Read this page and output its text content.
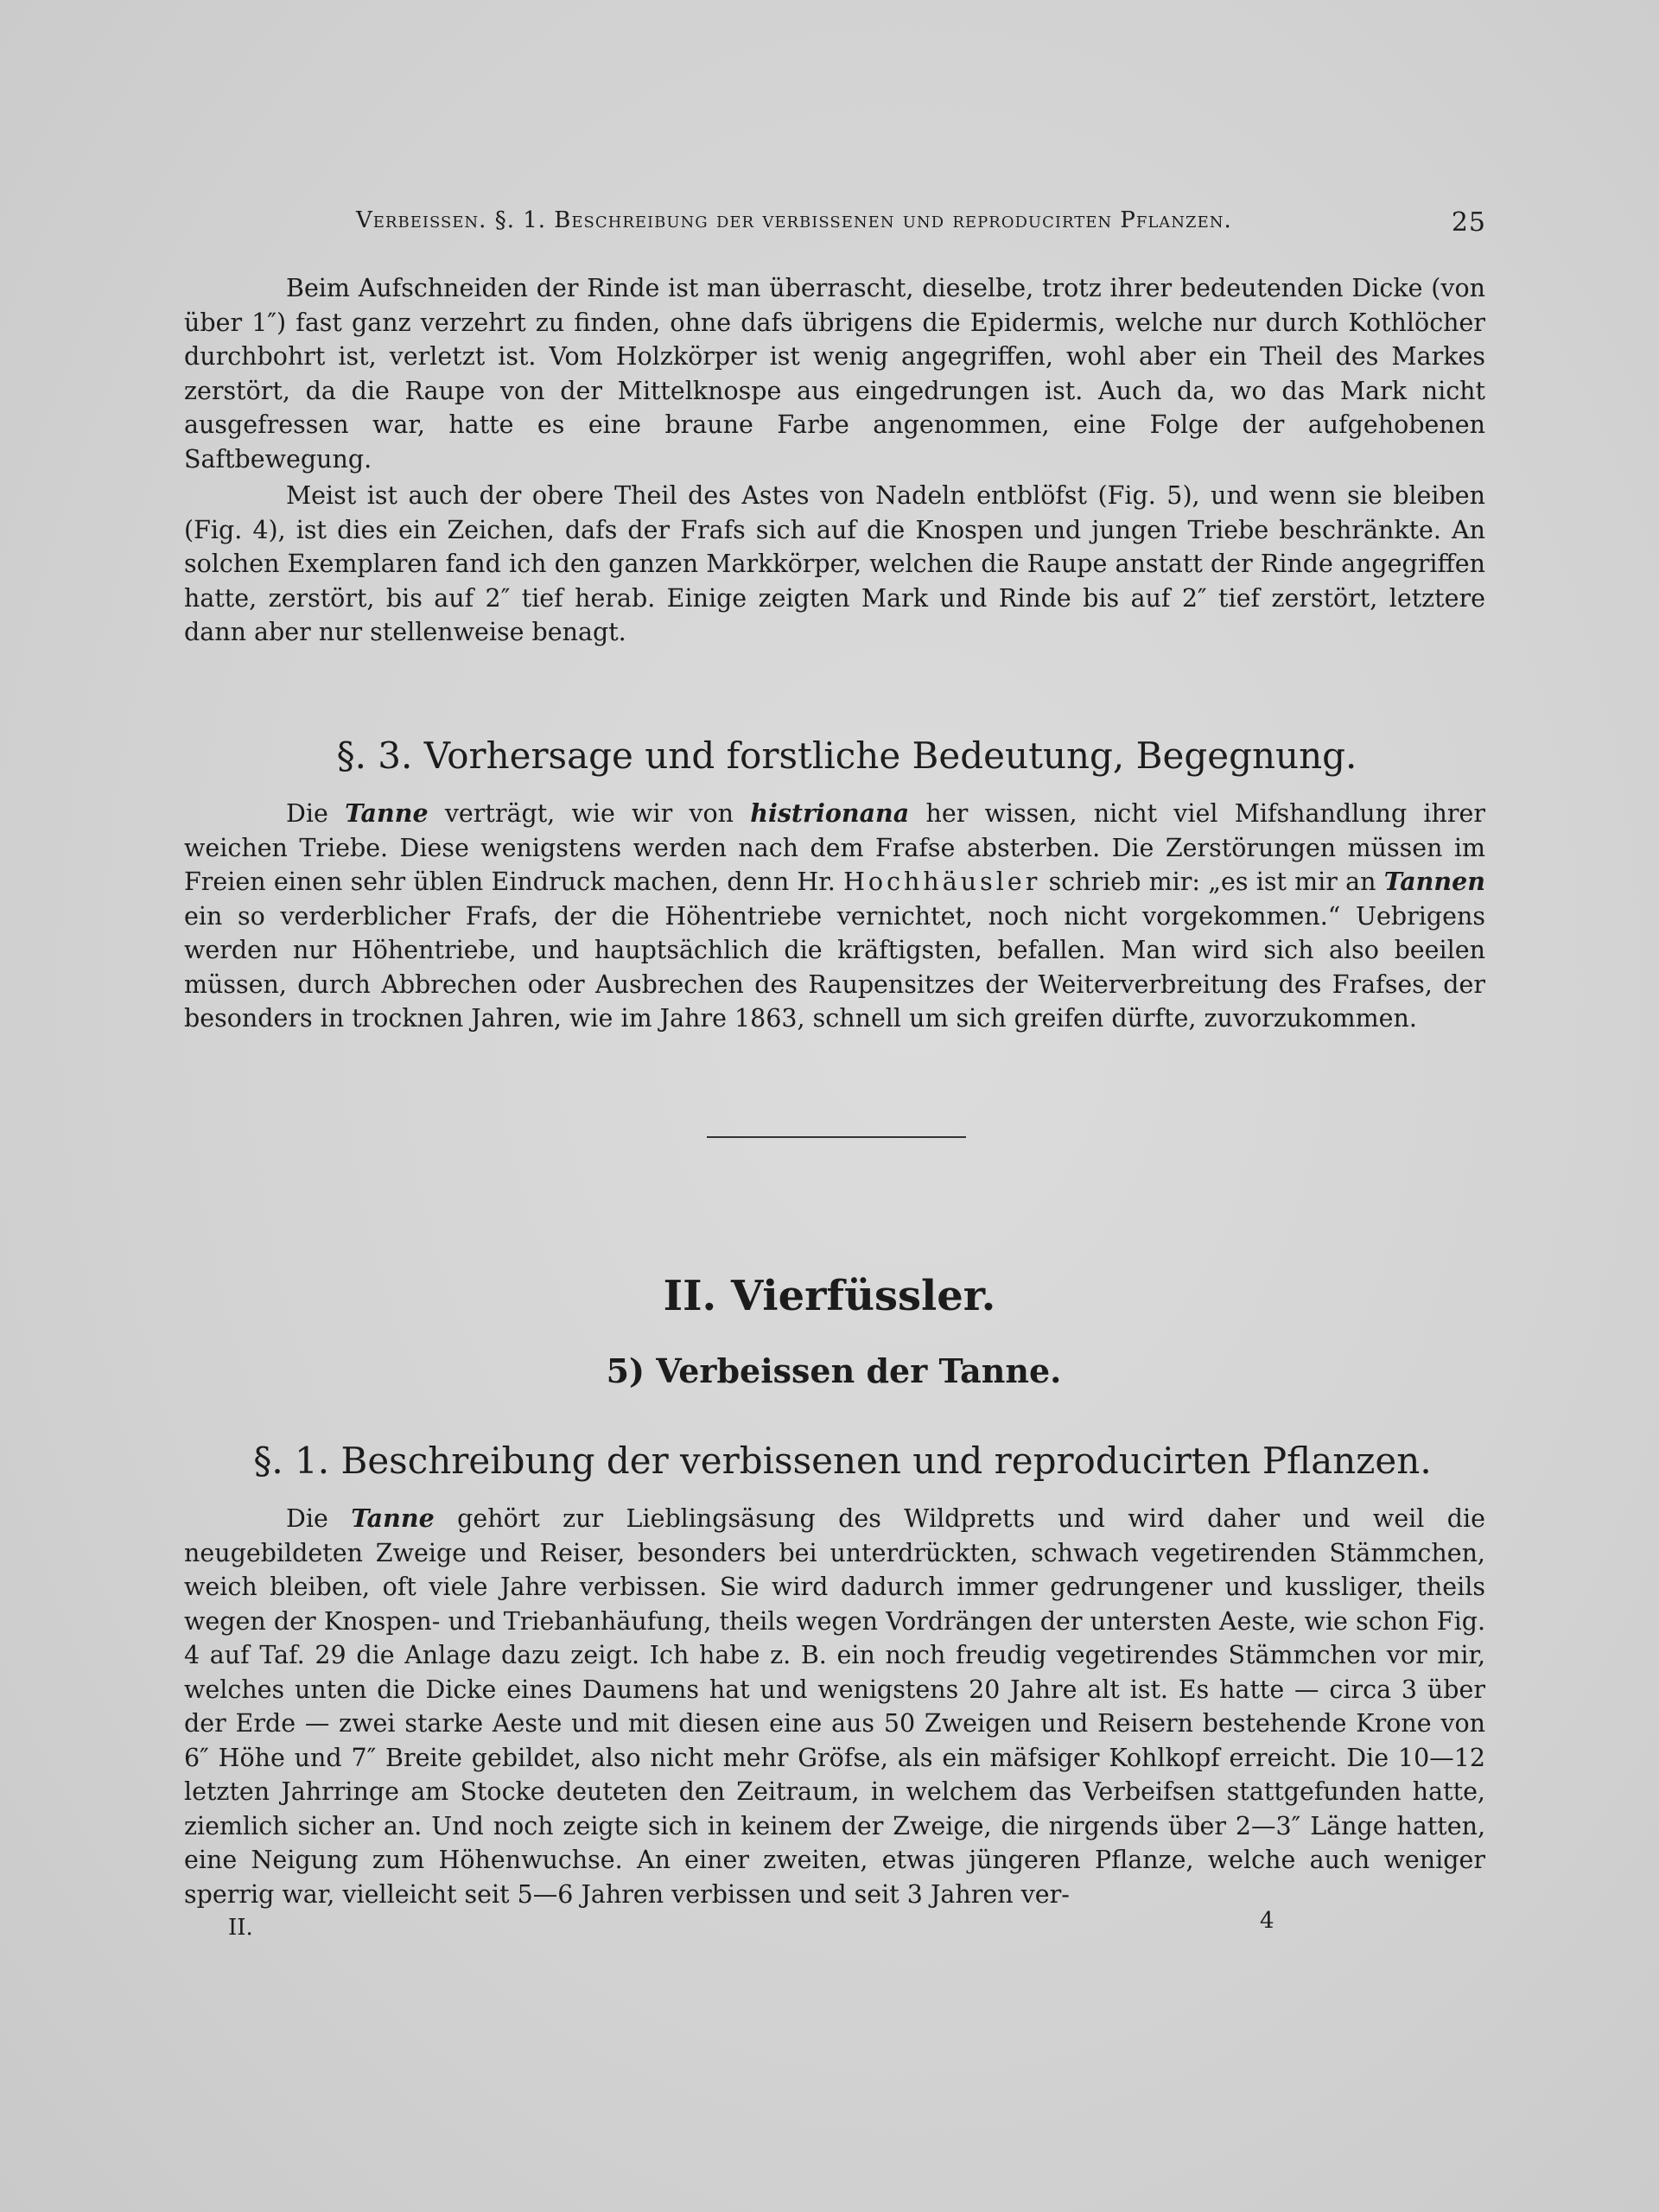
Verbeissen. §. 1. Beschreibung der verbissenen und reproducirten Pflanzen.	25

Beim Aufschneiden der Rinde ist man überrascht, dieselbe, trotz ihrer bedeutenden Dicke (von über 1″) fast ganz verzehrt zu finden, ohne dafs übrigens die Epidermis, welche nur durch Kothlöcher durchbohrt ist, verletzt ist. Vom Holzkörper ist wenig angegriffen, wohl aber ein Theil des Markes zerstört, da die Raupe von der Mittelknospe aus eingedrungen ist. Auch da, wo das Mark nicht ausgefressen war, hatte es eine braune Farbe angenommen, eine Folge der aufgehobenen Saftbewegung.

Meist ist auch der obere Theil des Astes von Nadeln entblöfst (Fig. 5), und wenn sie bleiben (Fig. 4), ist dies ein Zeichen, dafs der Frafs sich auf die Knospen und jungen Triebe beschränkte. An solchen Exemplaren fand ich den ganzen Markkörper, welchen die Raupe anstatt der Rinde angegriffen hatte, zerstört, bis auf 2″ tief herab. Einige zeigten Mark und Rinde bis auf 2″ tief zerstört, letztere dann aber nur stellenweise benagt.

§. 3. Vorhersage und forstliche Bedeutung, Begegnung.

Die Tanne verträgt, wie wir von histrionana her wissen, nicht viel Mifshandlung ihrer weichen Triebe. Diese wenigstens werden nach dem Frafse absterben. Die Zerstörungen müssen im Freien einen sehr üblen Eindruck machen, denn Hr. Hochhäusler schrieb mir: „es ist mir an Tannen ein so verderblicher Frafs, der die Höhentriebe vernichtet, noch nicht vorgekommen.“ Uebrigens werden nur Höhentriebe, und hauptsächlich die kräftigsten, befallen. Man wird sich also beeilen müssen, durch Abbrechen oder Ausbrechen des Raupensitzes der Weiterverbreitung des Frafses, der besonders in trocknen Jahren, wie im Jahre 1863, schnell um sich greifen dürfte, zuvorzukommen.

II. Vierfüssler.
5) Verbeissen der Tanne.
§. 1. Beschreibung der verbissenen und reproducirten Pflanzen.

Die Tanne gehört zur Lieblingsäsung des Wildpretts und wird daher und weil die neugebildeten Zweige und Reiser, besonders bei unterdrückten, schwach vegetirenden Stämmchen, weich bleiben, oft viele Jahre verbissen. Sie wird dadurch immer gedrungener und kussliger, theils wegen der Knospen- und Triebanhäufung, theils wegen Vordrängen der untersten Aeste, wie schon Fig. 4 auf Taf. 29 die Anlage dazu zeigt. Ich habe z. B. ein noch freudig vegetirendes Stämmchen vor mir, welches unten die Dicke eines Daumens hat und wenigstens 20 Jahre alt ist. Es hatte — circa 3 über der Erde — zwei starke Aeste und mit diesen eine aus 50 Zweigen und Reisern bestehende Krone von 6″ Höhe und 7″ Breite gebildet, also nicht mehr Gröfse, als ein mäfsiger Kohlkopf erreicht. Die 10—12 letzten Jahrringe am Stocke deuteten den Zeitraum, in welchem das Verbeifsen stattgefunden hatte, ziemlich sicher an. Und noch zeigte sich in keinem der Zweige, die nirgends über 2—3″ Länge hatten, eine Neigung zum Höhenwuchse. An einer zweiten, etwas jüngeren Pflanze, welche auch weniger sperrig war, vielleicht seit 5—6 Jahren verbissen und seit 3 Jahren ver-

II.	4
